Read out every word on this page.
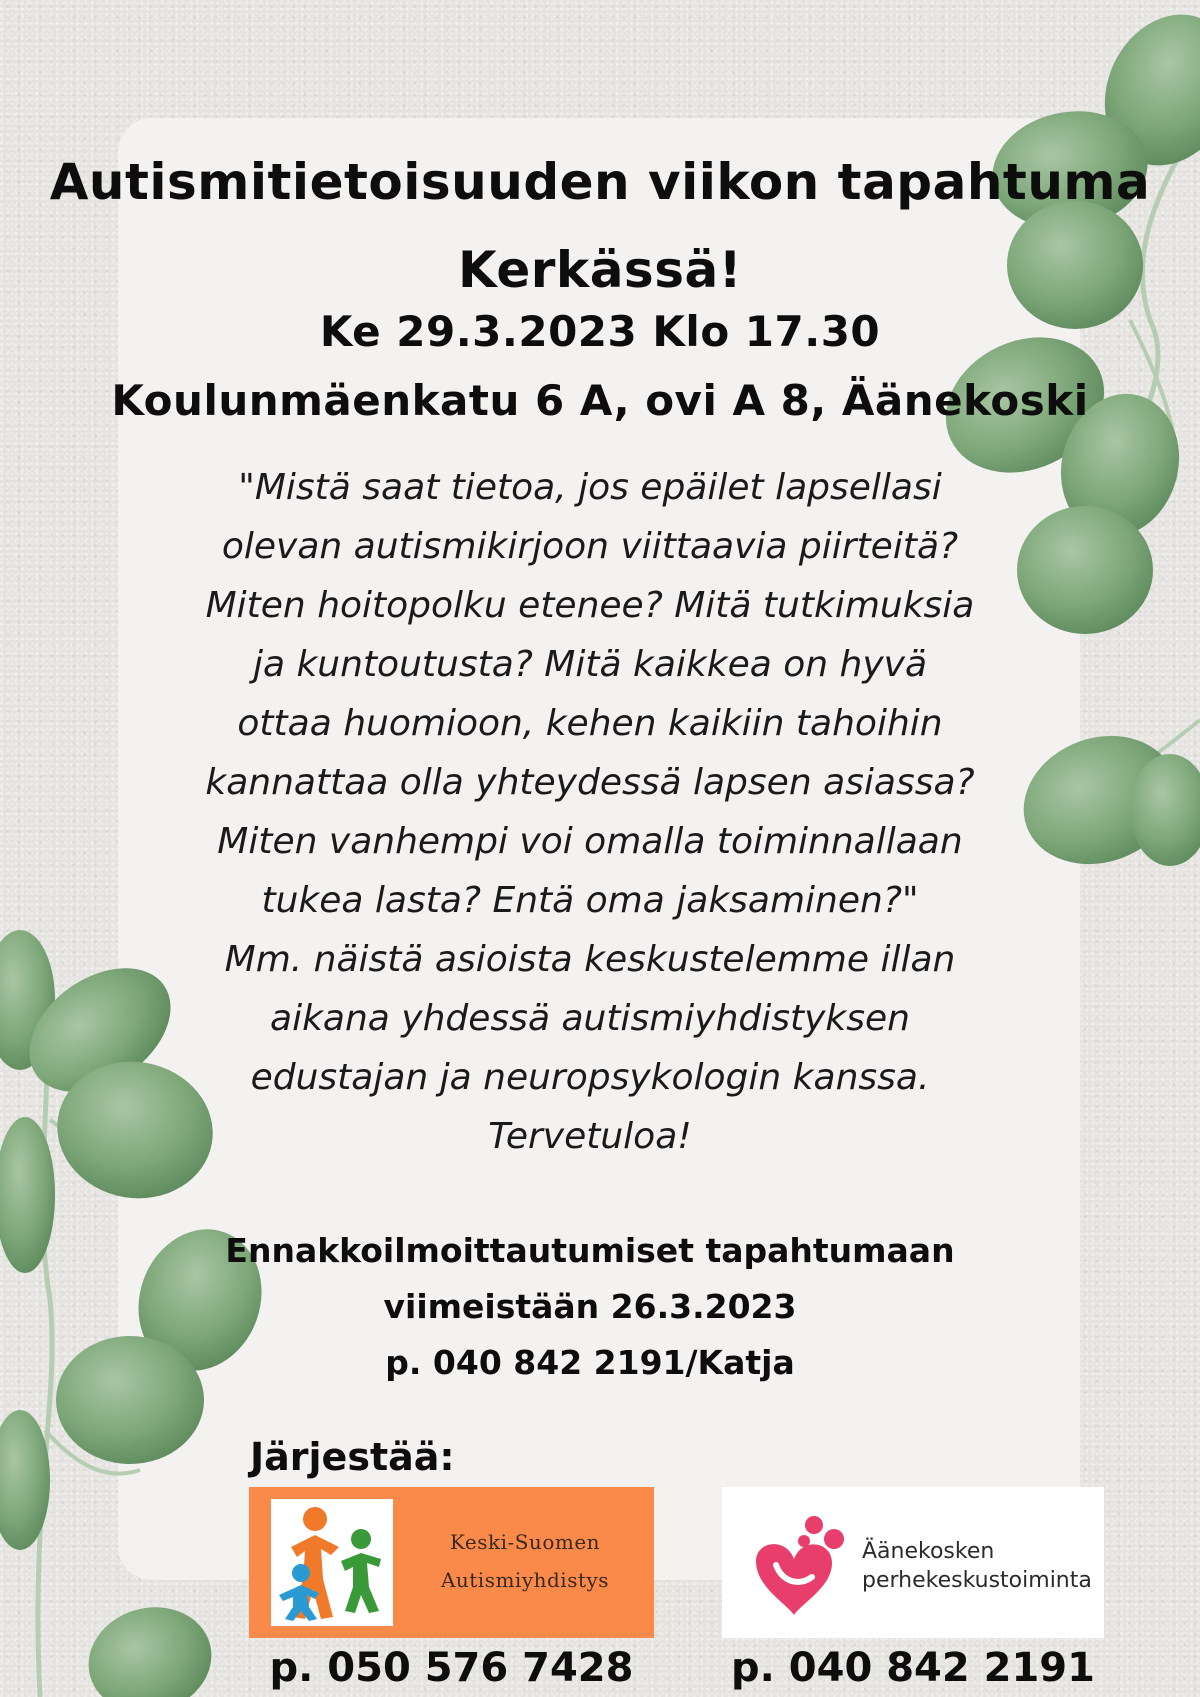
Autismitietoisuuden viikon tapahtuma
Kerkässä!
Ke 29.3.2023 Klo 17.30
Koulunmäenkatu 6 A, ovi A 8, Äänekoski

"Mistä saat tietoa, jos epäilet lapsellasi
olevan autismikirjoon viittaavia piirteitä?
Miten hoitopolku etenee? Mitä tutkimuksia
ja kuntoutusta? Mitä kaikkea on hyvä
ottaa huomioon, kehen kaikiin tahoihin
kannattaa olla yhteydessä lapsen asiassa?
Miten vanhempi voi omalla toiminnallaan
tukea lasta? Entä oma jaksaminen?"
Mm. näistä asioista keskustelemme illan
aikana yhdessä autismiyhdistyksen
edustajan ja neuropsykologin kanssa.
Tervetuloa!

Ennakkoilmoittautumiset tapahtumaan
viimeistään 26.3.2023
p. 040 842 2191/Katja

Järjestää:

Keski-Suomen
Autismiyhdistys
Äänekosken
perhekeskustoiminta

p. 050 576 7428	p. 040 842 2191
